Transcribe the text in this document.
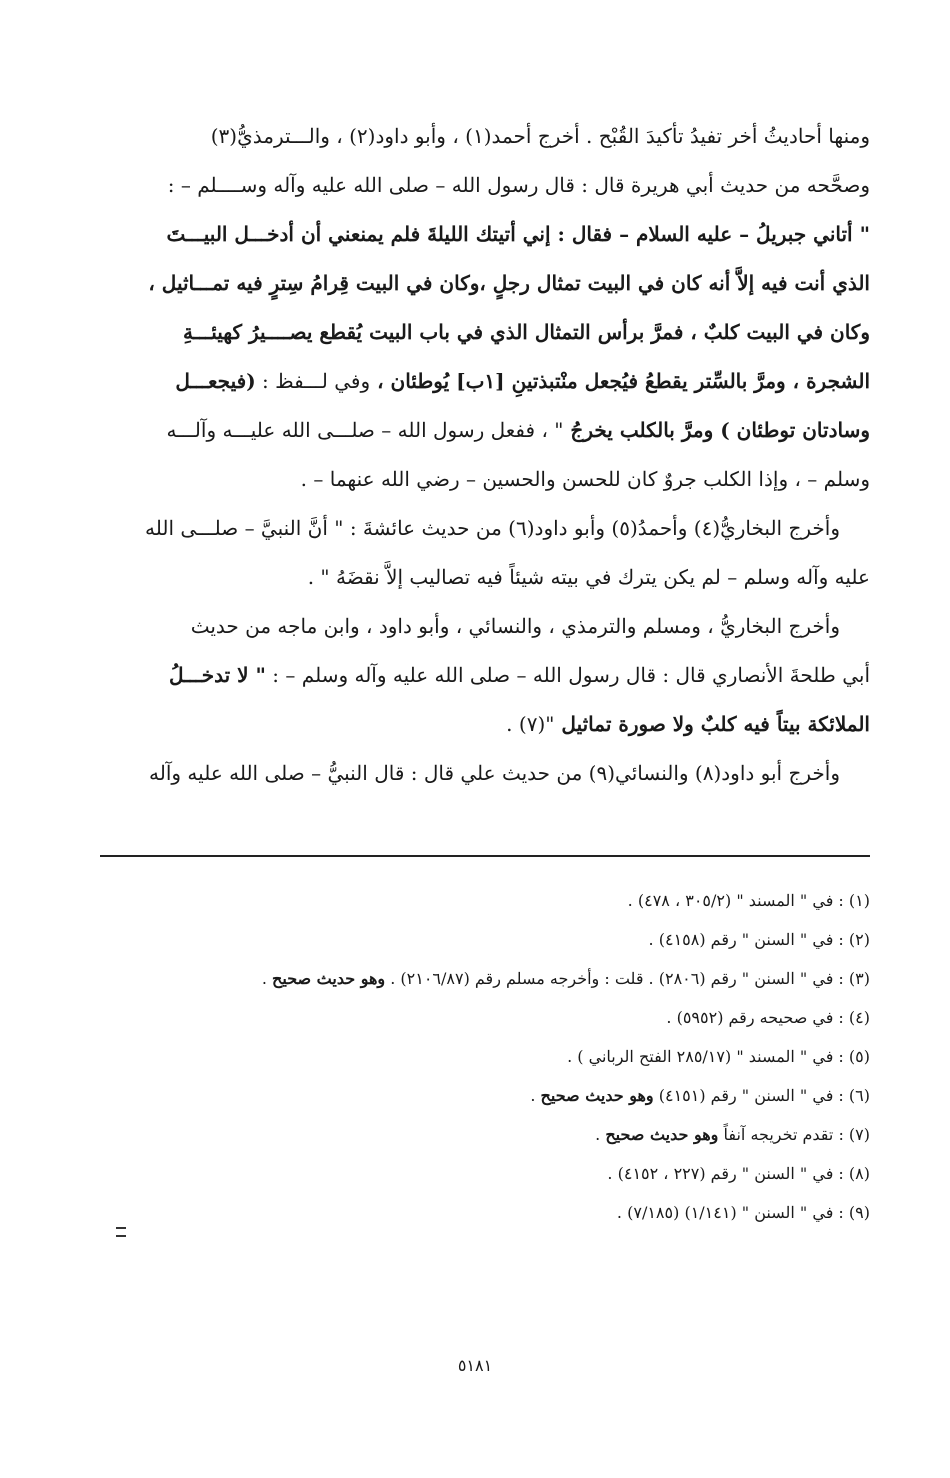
ومنها أحاديثُ أخر تفيدُ تأكيدَ القُبْح . أخرج أحمد(١) ، وأبو داود(٢) ، والـــترمذيُّ(٣)
وصحَّحه من حديث أبي هريرة قال : قال رسول الله – صلى الله عليه وآله وســــلم – :
" أتاني جبريلُ – عليه السلام – فقال : إني أتيتك الليلةَ فلم يمنعني أن أدخـــل البيـــتَ
الذي أنت فيه إلاَّ أنه كان في البيت تمثال رجلٍ ،وكان في البيت قِرامُ سِترٍ فيه تمـــاثيل ،
وكان في البيت كلبٌ ، فمرَّ برأس التمثال الذي في باب البيت يُقطع يصــــيرُ كهيئـــةِ
الشجرة ، ومرَّ بالسِّتر يقطعُ فيُجعل منْتبذتينِ [١ب] يُوطئان ، وفي لـــفظ : (فيجعـــل
وسادتان توطئان ) ومرَّ بالكلب يخرجُ " ، ففعل رسول الله – صلـــى الله عليـــه وآلـــه
وسلم – ، وإذا الكلب جروٌ كان للحسن والحسين – رضي الله عنهما – .
وأخرج البخاريُّ(٤) وأحمدُ(٥) وأبو داود(٦) من حديث عائشةَ : " أنَّ النبيَّ – صلـــى الله
عليه وآله وسلم – لم يكن يترك في بيته شيئاً فيه تصاليب إلاَّ نقضَهُ " .
وأخرج البخاريُّ ، ومسلم والترمذي ، والنسائي ، وأبو داود ، وابن ماجه من حديث
أبي طلحةَ الأنصاري قال : قال رسول الله – صلى الله عليه وآله وسلم – : " لا تدخـــلُ
الملائكة بيتاً فيه كلبٌ ولا صورة تماثيل "(٧) .
وأخرج أبو داود(٨) والنسائي(٩) من حديث علي قال : قال النبيُّ – صلى الله عليه وآله
(١) : في " المسند " (٣٠٥/٢ ، ٤٧٨) .
(٢) : في " السنن " رقم (٤١٥٨) .
(٣) : في " السنن " رقم (٢٨٠٦) . قلت : وأخرجه مسلم رقم (٢١٠٦/٨٧) . وهو حديث صحيح .
(٤) : في صحيحه رقم (٥٩٥٢) .
(٥) : في " المسند " (٢٨٥/١٧ الفتح الرباني ) .
(٦) : في " السنن " رقم (٤١٥١) وهو حديث صحيح .
(٧) : تقدم تخريجه آنفاً وهو حديث صحيح .
(٨) : في " السنن " رقم (٢٢٧ ، ٤١٥٢) .
(٩) : في " السنن " (١/١٤١) (٧/١٨٥) .
٥١٨١
